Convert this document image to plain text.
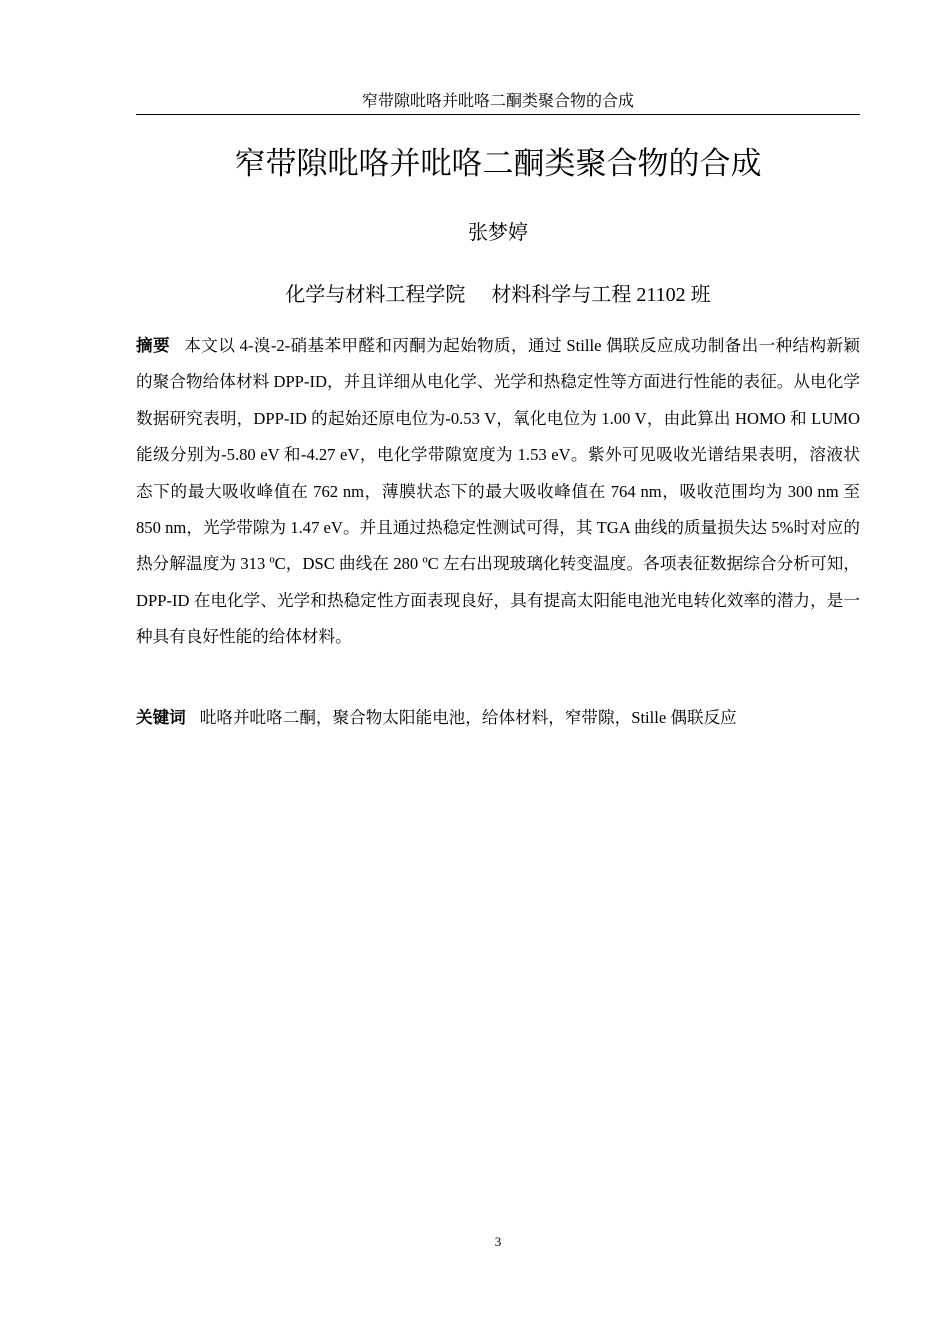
窄带隙吡咯并吡咯二酮类聚合物的合成
窄带隙吡咯并吡咯二酮类聚合物的合成
张梦婷
化学与材料工程学院 材料科学与工程 21102 班

摘要 本文以 4-溴-2-硝基苯甲醛和丙酮为起始物质，通过 Stille 偶联反应成功制备出一种结构新颖的聚合物给体材料 DPP-ID，并且详细从电化学、光学和热稳定性等方面进行性能的表征。从电化学数据研究表明，DPP-ID 的起始还原电位为-0.53 V，氧化电位为 1.00 V，由此算出 HOMO 和 LUMO 能级分别为-5.80 eV 和-4.27 eV，电化学带隙宽度为 1.53 eV。紫外可见吸收光谱结果表明，溶液状态下的最大吸收峰值在 762 nm，薄膜状态下的最大吸收峰值在 764 nm，吸收范围均为 300 nm 至 850 nm，光学带隙为 1.47 eV。并且通过热稳定性测试可得，其 TGA 曲线的质量损失达 5%时对应的热分解温度为 313 ºC，DSC 曲线在 280 ºC 左右出现玻璃化转变温度。各项表征数据综合分析可知，DPP-ID 在电化学、光学和热稳定性方面表现良好，具有提高太阳能电池光电转化效率的潜力，是一种具有良好性能的给体材料。

关键词 吡咯并吡咯二酮，聚合物太阳能电池，给体材料，窄带隙，Stille 偶联反应

3
